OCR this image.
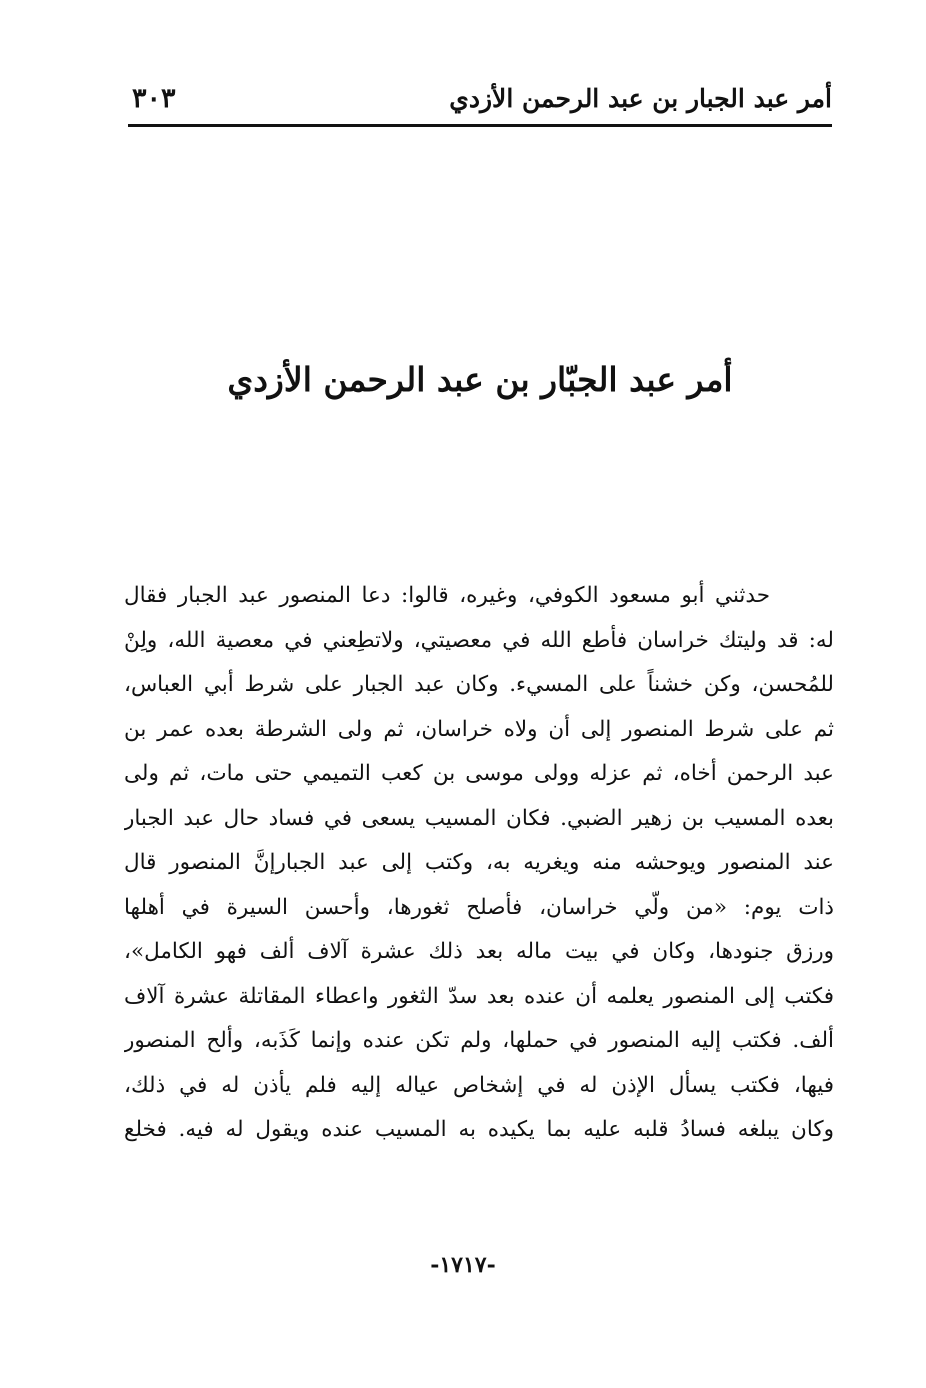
أمر عبد الجبار بن عبد الرحمن الأزدي
٣٠٣
أمر عبد الجبّار بن عبد الرحمن الأزدي
حدثني أبو مسعود الكوفي، وغيره، قالوا: دعا المنصور عبد الجبار فقال
له: قد وليتك خراسان فأطع الله في معصيتي، ولاتطِعني في معصية الله، ولِنْ
للمُحسن، وكن خشناً على المسيء. وكان عبد الجبار على شرط أبي العباس،
ثم على شرط المنصور إلى أن ولاه خراسان، ثم ولى الشرطة بعده عمر بن
عبد الرحمن أخاه، ثم عزله وولى موسى بن كعب التميمي حتى مات، ثم ولى
بعده المسيب بن زهير الضبي. فكان المسيب يسعى في فساد حال عبد الجبار
عند المنصور ويوحشه منه ويغريه به، وكتب إلى عبد الجبارإنَّ المنصور قال
ذات يوم: «من ولّي خراسان، فأصلح ثغورها، وأحسن السيرة في أهلها
ورزق جنودها، وكان في بيت ماله بعد ذلك عشرة آلاف ألف فهو الكامل»،
فكتب إلى المنصور يعلمه أن عنده بعد سدّ الثغور واعطاء المقاتلة عشرة آلاف
ألف. فكتب إليه المنصور في حملها، ولم تكن عنده وإنما كَذَبه، وألح المنصور
فيها، فكتب يسأل الإذن له في إشخاص عياله إليه فلم يأذن له في ذلك،
وكان يبلغه فسادُ قلبه عليه بما يكيده به المسيب عنده ويقول له فيه. فخلع
-١٧١٧-
